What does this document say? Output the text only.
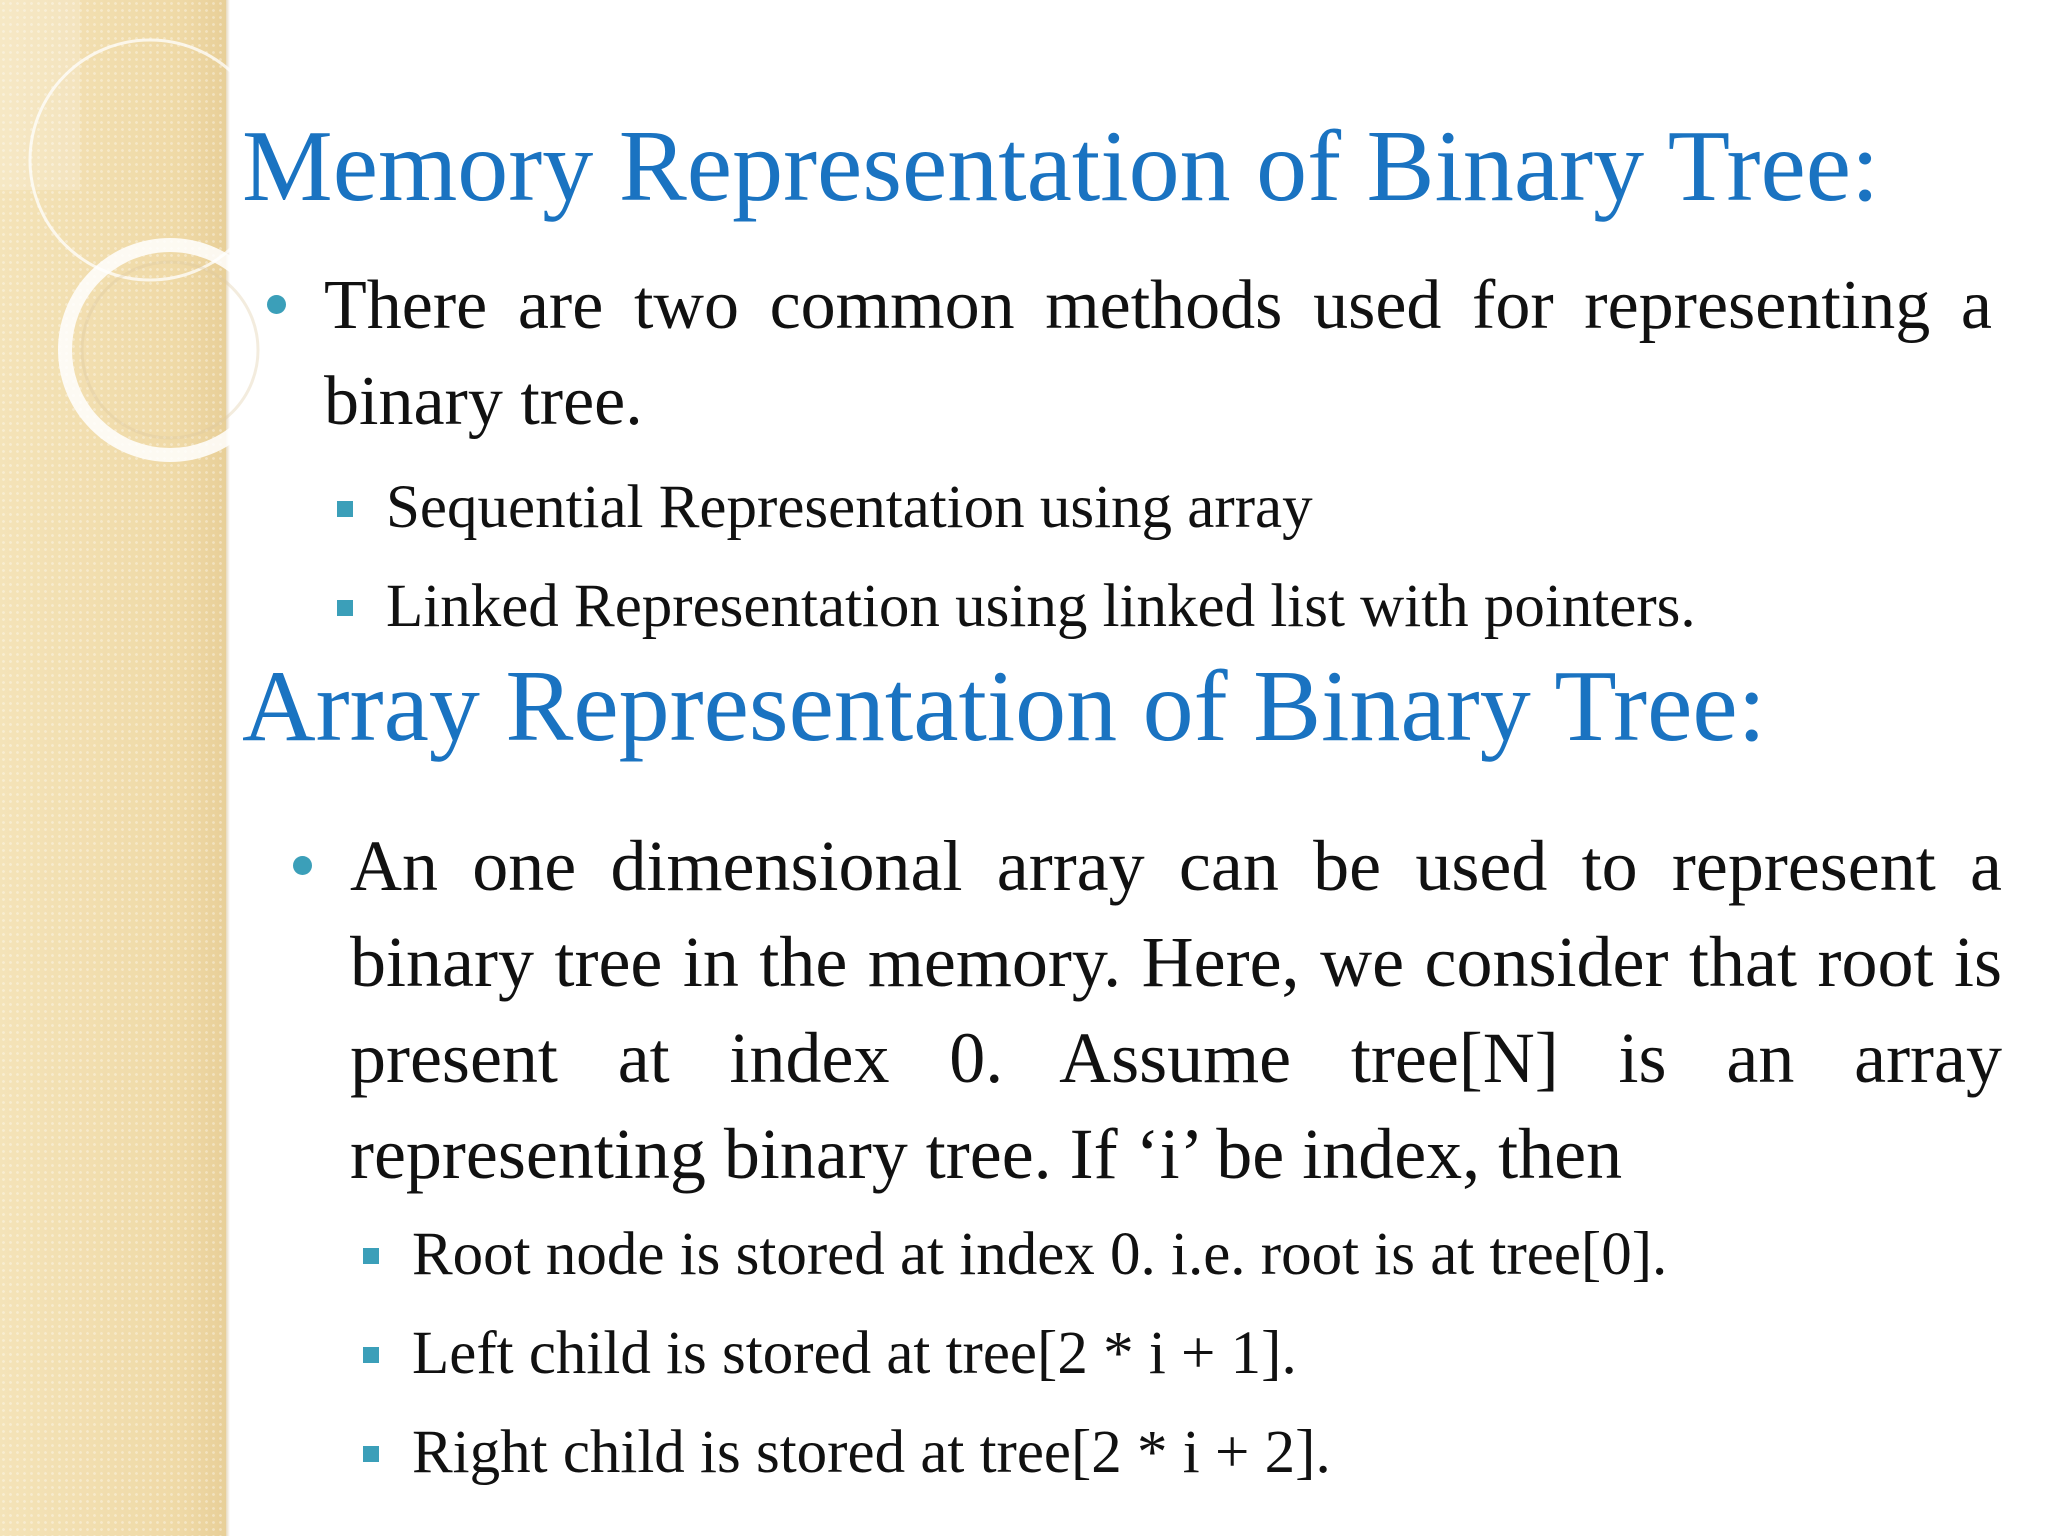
Memory Representation of Binary Tree:
There are two common methods used for representing a binary tree.
Sequential Representation using array
Linked Representation using linked list with pointers.
Array Representation of Binary Tree:
An one dimensional array can be used to represent a binary tree in the memory. Here, we consider that root is present at index 0. Assume tree[N] is an array representing binary tree. If ‘i’ be index, then
Root node is stored at index 0. i.e. root is at tree[0].
Left child is stored at tree[2 * i + 1].
Right child is stored at tree[2 * i + 2].
